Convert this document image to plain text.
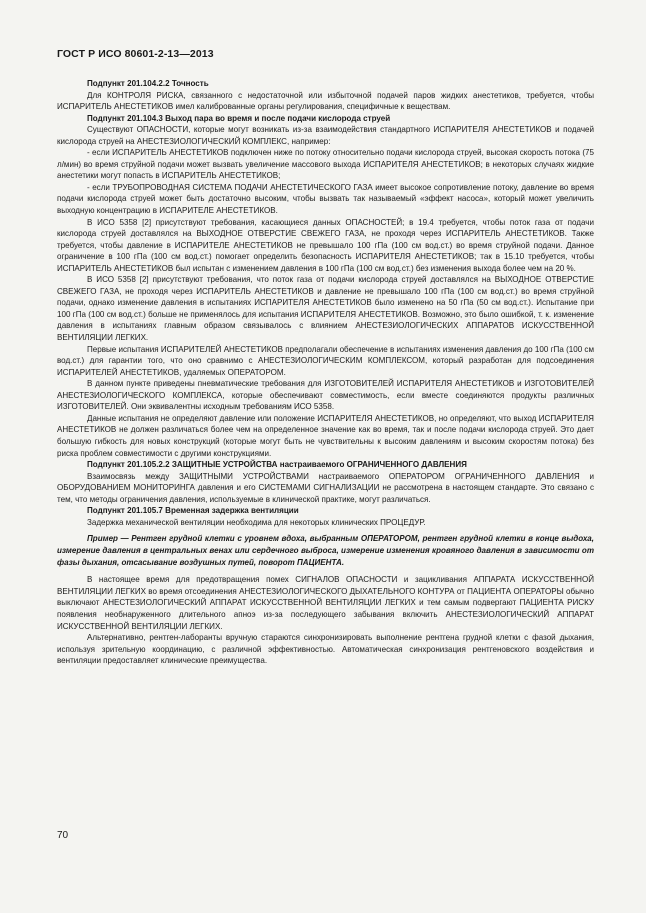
ГОСТ Р ИСО 80601-2-13—2013

Подпункт 201.104.2.2 Точность

Для КОНТРОЛЯ РИСКА, связанного с недостаточной или избыточной подачей паров жидких анестетиков, требуется, чтобы ИСПАРИТЕЛЬ АНЕСТЕТИКОВ имел калиброванные органы регулирования, специфичные к веществам.

Подпункт 201.104.3 Выход пара во время и после подачи кислорода струей

Существуют ОПАСНОСТИ, которые могут возникать из-за взаимодействия стандартного ИСПАРИТЕЛЯ АНЕСТЕТИКОВ и подачей кислорода струей на АНЕСТЕЗИОЛОГИЧЕСКИЙ КОМПЛЕКС, например:

- если ИСПАРИТЕЛЬ АНЕСТЕТИКОВ подключен ниже по потоку относительно подачи кислорода струей, высокая скорость потока (75 л/мин) во время струйной подачи может вызвать увеличение массового выхода ИСПАРИТЕЛЯ АНЕСТЕТИКОВ; в некоторых случаях жидкие анестетики могут попасть в ИСПАРИТЕЛЬ АНЕСТЕТИКОВ;

- если ТРУБОПРОВОДНАЯ СИСТЕМА ПОДАЧИ АНЕСТЕТИЧЕСКОГО ГАЗА имеет высокое сопротивление потоку, давление во время подачи кислорода струей может быть достаточно высоким, чтобы вызвать так называемый «эффект насоса», который может увеличить выходную концентрацию в ИСПАРИТЕЛЕ АНЕСТЕТИКОВ.

В ИСО 5358 [2] присутствуют требования, касающиеся данных ОПАСНОСТЕЙ; в 19.4 требуется, чтобы поток газа от подачи кислорода струей доставлялся на ВЫХОДНОЕ ОТВЕРСТИЕ СВЕЖЕГО ГАЗА, не проходя через ИСПАРИТЕЛЬ АНЕСТЕТИКОВ. Также требуется, чтобы давление в ИСПАРИТЕЛЕ АНЕСТЕТИКОВ не превышало 100 гПа (100 см вод.ст.) во время струйной подачи. Данное ограничение в 100 гПа (100 см вод.ст.) помогает определить безопасность ИСПАРИТЕЛЯ АНЕСТЕТИКОВ; так в 15.10 требуется, чтобы ИСПАРИТЕЛЬ АНЕСТЕТИКОВ был испытан с изменением давления в 100 гПа (100 см вод.ст.) без изменения выхода более чем на 20 %.

В ИСО 5358 [2] присутствуют требования, что поток газа от подачи кислорода струей доставлялся на ВЫХОДНОЕ ОТВЕРСТИЕ СВЕЖЕГО ГАЗА, не проходя через ИСПАРИТЕЛЬ АНЕСТЕТИКОВ и давление не превышало 100 гПа (100 см вод.ст.) во время струйной подачи, однако изменение давления в испытаниях ИСПАРИТЕЛЯ АНЕСТЕТИКОВ было изменено на 50 гПа (50 см вод.ст.). Испытание при 100 гПа (100 см вод.ст.) больше не применялось для испытания ИСПАРИТЕЛЯ АНЕСТЕТИКОВ. Возможно, это было ошибкой, т. к. изменение давления в испытаниях главным образом связывалось с влиянием АНЕСТЕЗИОЛОГИЧЕСКИХ АППАРАТОВ ИСКУССТВЕННОЙ ВЕНТИЛЯЦИИ ЛЕГКИХ.

Первые испытания ИСПАРИТЕЛЕЙ АНЕСТЕТИКОВ предполагали обеспечение в испытаниях изменения давления до 100 гПа (100 см вод.ст.) для гарантии того, что оно сравнимо с АНЕСТЕЗИОЛОГИЧЕСКИМ КОМПЛЕКСОМ, который разработан для подсоединения ИСПАРИТЕЛЕЙ АНЕСТЕТИКОВ, удаляемых ОПЕРАТОРОМ.

В данном пункте приведены пневматические требования для ИЗГОТОВИТЕЛЕЙ ИСПАРИТЕЛЯ АНЕСТЕТИКОВ и ИЗГОТОВИТЕЛЕЙ АНЕСТЕЗИОЛОГИЧЕСКОГО КОМПЛЕКСА, которые обеспечивают совместимость, если вместе соединяются продукты различных ИЗГОТОВИТЕЛЕЙ. Они эквивалентны исходным требованиям ИСО 5358.

Данные испытания не определяют давление или положение ИСПАРИТЕЛЯ АНЕСТЕТИКОВ, но определяют, что выход ИСПАРИТЕЛЯ АНЕСТЕТИКОВ не должен различаться более чем на определенное значение как во время, так и после подачи кислорода струей. Это дает большую гибкость для новых конструкций (которые могут быть не чувствительны к высоким давлениям и высоким скоростям потока) без риска проблем совместимости с другими конструкциями.

Подпункт 201.105.2.2 ЗАЩИТНЫЕ УСТРОЙСТВА настраиваемого ОГРАНИЧЕННОГО ДАВЛЕНИЯ

Взаимосвязь между ЗАЩИТНЫМИ УСТРОЙСТВАМИ настраиваемого ОПЕРАТОРОМ ОГРАНИЧЕННОГО ДАВЛЕНИЯ и ОБОРУДОВАНИЕМ МОНИТОРИНГА давления и его СИСТЕМАМИ СИГНАЛИЗАЦИИ не рассмотрена в настоящем стандарте. Это связано с тем, что методы ограничения давления, используемые в клинической практике, могут различаться.

Подпункт 201.105.7 Временная задержка вентиляции

Задержка механической вентиляции необходима для некоторых клинических ПРОЦЕДУР.

Пример — Рентген грудной клетки с уровнем вдоха, выбранным ОПЕРАТОРОМ, рентген грудной клетки в конце выдоха, измерение давления в центральных венах или сердечного выброса, измерение изменения кровяного давления в зависимости от фазы дыхания, отсасывание воздушных путей, поворот ПАЦИЕНТА.

В настоящее время для предотвращения помех СИГНАЛОВ ОПАСНОСТИ и зацикливания АППАРАТА ИСКУССТВЕННОЙ ВЕНТИЛЯЦИИ ЛЕГКИХ во время отсоединения АНЕСТЕЗИОЛОГИЧЕСКОГО ДЫХАТЕЛЬНОГО КОНТУРА от ПАЦИЕНТА ОПЕРАТОРЫ обычно выключают АНЕСТЕЗИОЛОГИЧЕСКИЙ АППАРАТ ИСКУССТВЕННОЙ ВЕНТИЛЯЦИИ ЛЕГКИХ и тем самым подвергают ПАЦИЕНТА РИСКУ появления необнаруженного длительного апноэ из-за последующего забывания включить АНЕСТЕЗИОЛОГИЧЕСКИЙ АППАРАТ ИСКУССТВЕННОЙ ВЕНТИЛЯЦИИ ЛЕГКИХ.

Альтернативно, рентген-лаборанты вручную стараются синхронизировать выполнение рентгена грудной клетки с фазой дыхания, используя зрительную координацию, с различной эффективностью. Автоматическая синхронизация рентгеновского воздействия и вентиляции предоставляет клинические преимущества.

70
